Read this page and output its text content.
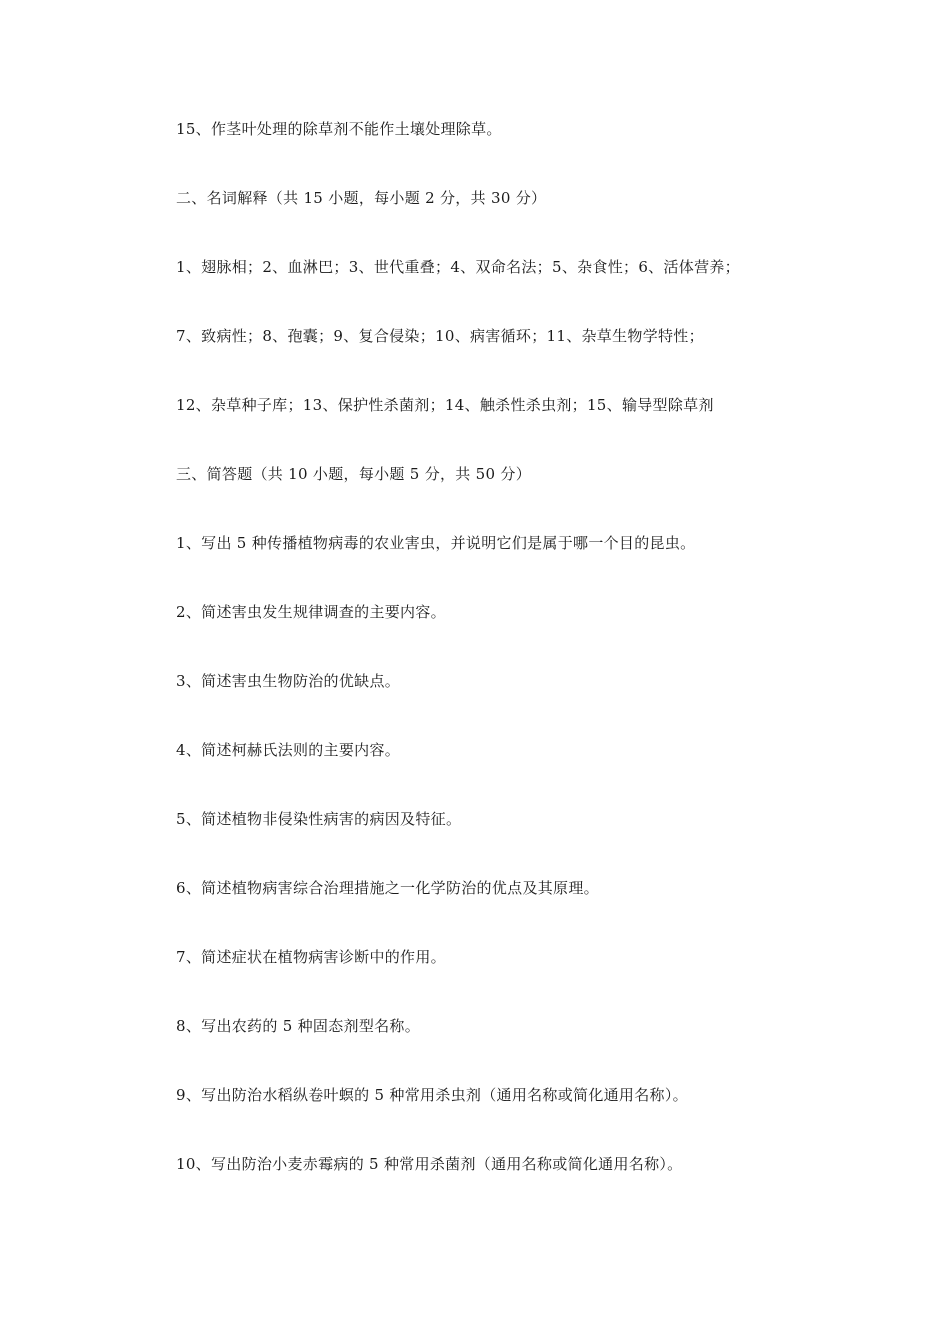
15、作茎叶处理的除草剂不能作土壤处理除草。
二、名词解释（共 15 小题，每小题 2 分，共 30 分）
1、翅脉相；2、血淋巴；3、世代重叠；4、双命名法；5、杂食性；6、活体营养；
7、致病性；8、孢囊；9、复合侵染；10、病害循环；11、杂草生物学特性；
12、杂草种子库；13、保护性杀菌剂；14、触杀性杀虫剂；15、输导型除草剂
三、简答题（共 10 小题，每小题 5 分，共 50 分）
1、写出 5 种传播植物病毒的农业害虫，并说明它们是属于哪一个目的昆虫。
2、简述害虫发生规律调查的主要内容。
3、简述害虫生物防治的优缺点。
4、简述柯赫氏法则的主要内容。
5、简述植物非侵染性病害的病因及特征。
6、简述植物病害综合治理措施之一化学防治的优点及其原理。
7、简述症状在植物病害诊断中的作用。
8、写出农药的 5 种固态剂型名称。
9、写出防治水稻纵卷叶螟的 5 种常用杀虫剂（通用名称或简化通用名称）。
10、写出防治小麦赤霉病的 5 种常用杀菌剂（通用名称或简化通用名称）。
